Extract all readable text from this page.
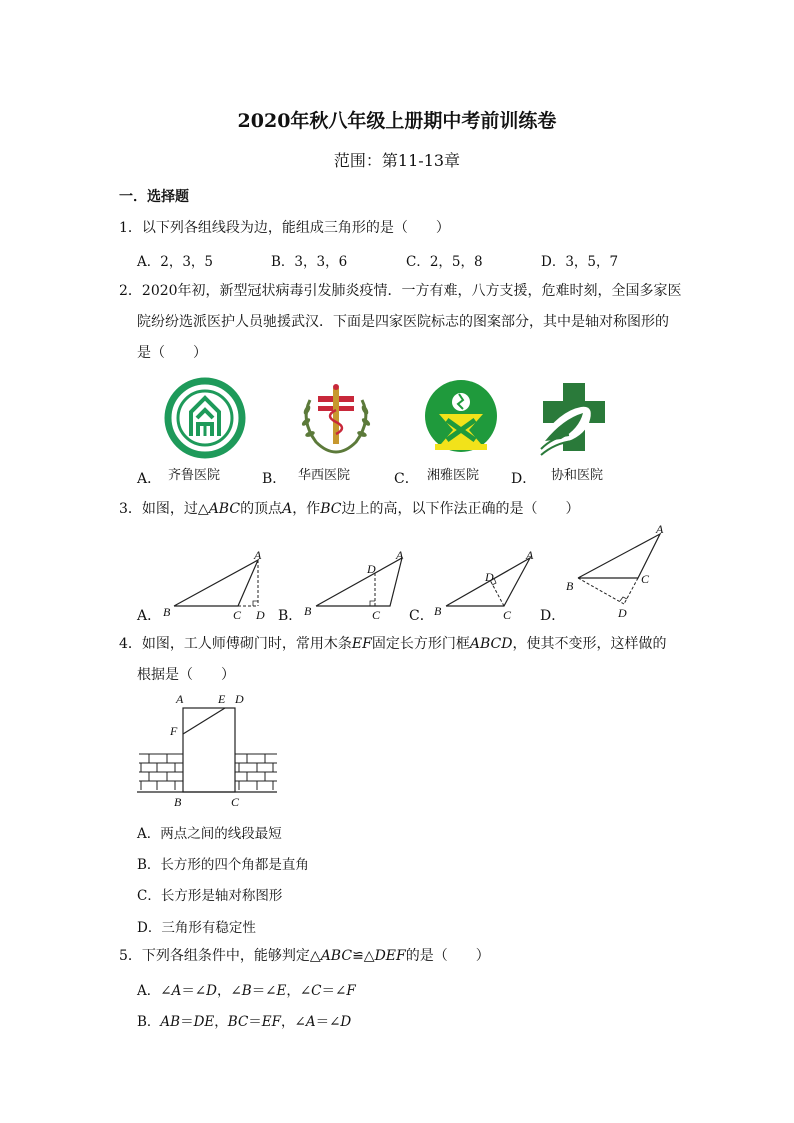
2020年秋八年级上册期中考前训练卷
范围：第11-13章
一．选择题
1．以下列各组线段为边，能组成三角形的是（　　）
A．2，3，5	B．3，3，6	C．2，5，8	D．3，5，7
2．2020年初，新型冠状病毒引发肺炎疫情．一方有难，八方支援，危难时刻，全国多家医
院纷纷选派医护人员驰援武汉．下面是四家医院标志的图案部分，其中是轴对称图形的
是（　　）
A． 齐鲁医院	B． 华西医院	C． 湘雅医院 D． 协和医院
3．如图，过△ABC的顶点A，作BC边上的高，以下作法正确的是（　　）
A
B	C D
A
D
B	C
A
D
B	C
A
B	C
D
A．	B．	C．	D．
4．如图，工人师傅砌门时，常用木条EF固定长方形门框ABCD，使其不变形，这样做的
根据是（　　）
A	E D
F
B	C
A．两点之间的线段最短
B．长方形的四个角都是直角
C．长方形是轴对称图形
D．三角形有稳定性
5．下列各组条件中，能够判定△ABC≌△DEF的是（　　）
A．∠A＝∠D，∠B＝∠E，∠C＝∠F
B．AB＝DE，BC＝EF，∠A＝∠D
